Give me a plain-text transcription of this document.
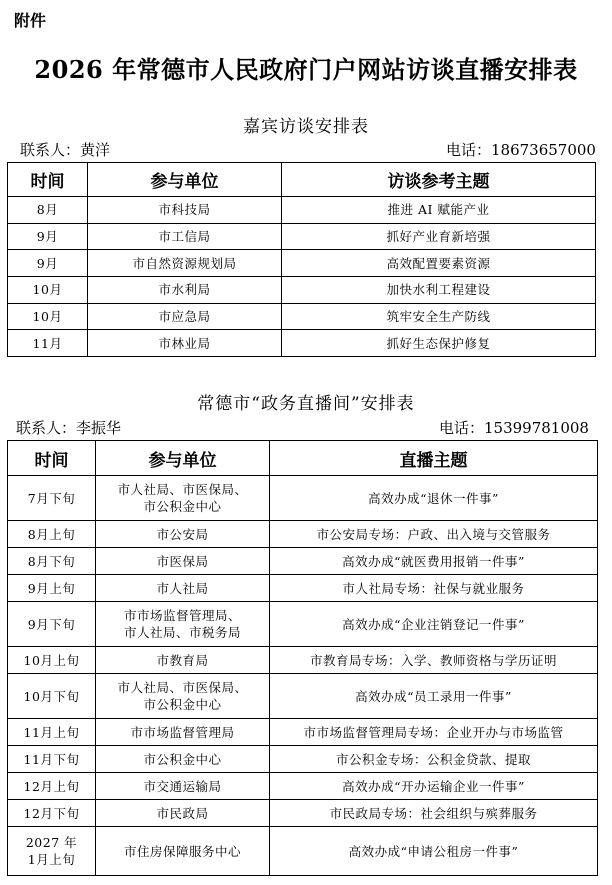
附件
2026 年常德市人民政府门户网站访谈直播安排表
嘉宾访谈安排表
联系人：黄洋	电话：18673657000
时间	参与单位	访谈参考主题
8月	市科技局	推进 AI 赋能产业
9月	市工信局	抓好产业育新培强
9月	市自然资源规划局	高效配置要素资源
10月	市水利局	加快水利工程建设
10月	市应急局	筑牢安全生产防线
11月	市林业局	抓好生态保护修复
常德市“政务直播间”安排表
联系人：李振华	电话：15399781008
时间	参与单位	直播主题

7月下旬	市人社局、市医保局、
市公积金中心	高效办成“退休一件事”

8月上旬	市公安局	市公安局专场：户政、出入境与交管服务

8月下旬	市医保局	高效办成“就医费用报销一件事”

9月上旬	市人社局	市人社局专场：社保与就业服务

9月下旬	市市场监督管理局、
市人社局、市税务局	高效办成“企业注销登记一件事”

10月上旬	市教育局	市教育局专场：入学、教师资格与学历证明

10月下旬	市人社局、市医保局、
市公积金中心	高效办成“员工录用一件事”

11月上旬	市市场监督管理局	市市场监督管理局专场：企业开办与市场监管

11月下旬	市公积金中心	市公积金专场：公积金贷款、提取

12月上旬	市交通运输局	高效办成“开办运输企业一件事”

12月下旬	市民政局	市民政局专场：社会组织与殡葬服务

2027 年
1月上旬	市住房保障服务中心	高效办成“申请公租房一件事”
